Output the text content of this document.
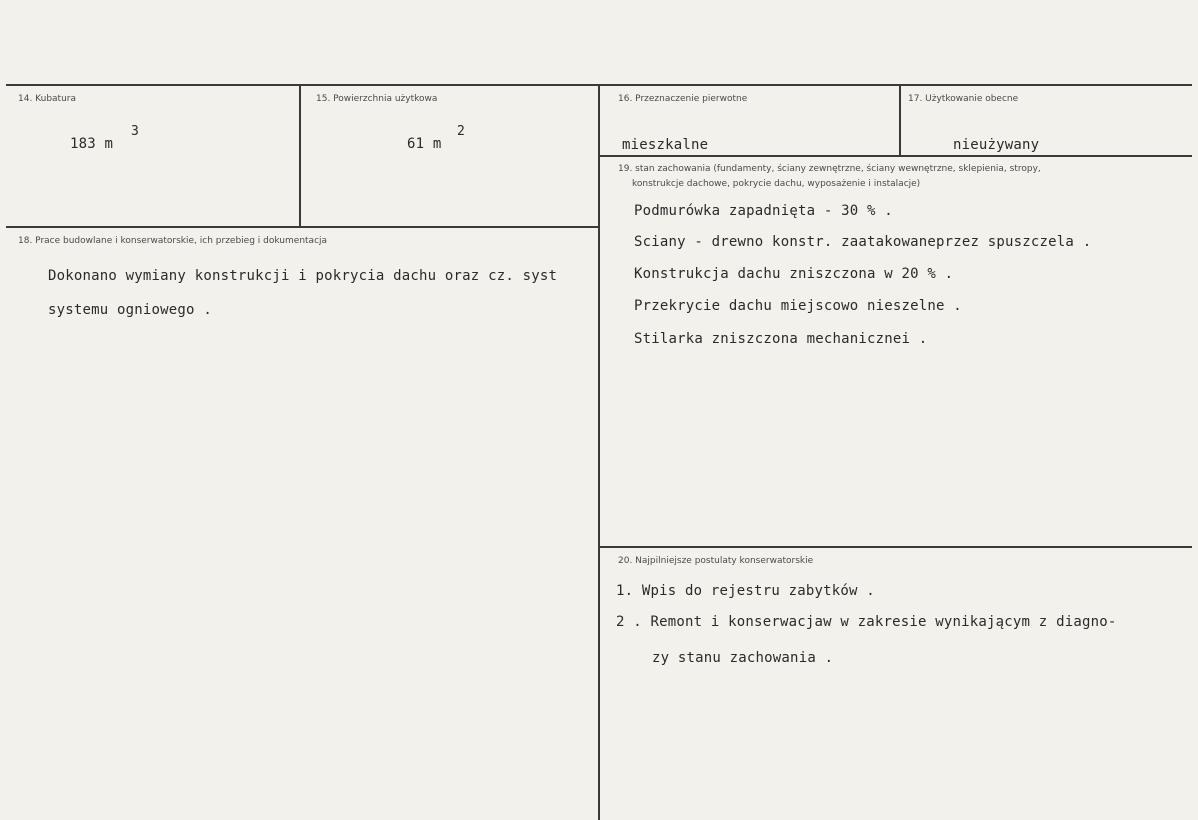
14. Kubatura
183 m
3
15. Powierzchnia użytkowa
61 m
2
16. Przeznaczenie pierwotne
mieszkalne
17. Użytkowanie obecne
nieużywany
18. Prace budowlane i konserwatorskie, ich przebieg i dokumentacja
Dokonano wymiany konstrukcji i pokrycia dachu oraz cz. syst
systemu ogniowego .
19. stan zachowania (fundamenty, ściany zewnętrzne, ściany wewnętrzne, sklepienia, stropy,
konstrukcje dachowe, pokrycie dachu, wyposażenie i instalacje)
Podmurówka zapadnięta - 30 % .
Sciany - drewno konstr. zaatakowaneprzez spuszczela .
Konstrukcja dachu zniszczona w 20 % .
Przekrycie dachu miejscowo nieszelne .
Stilarka zniszczona mechanicznei .
20. Najpilniejsze postulaty konserwatorskie
1. Wpis do rejestru zabytków .
2 . Remont i konserwacjaw w zakresie wynikającym z diagno-
zy stanu zachowania .
